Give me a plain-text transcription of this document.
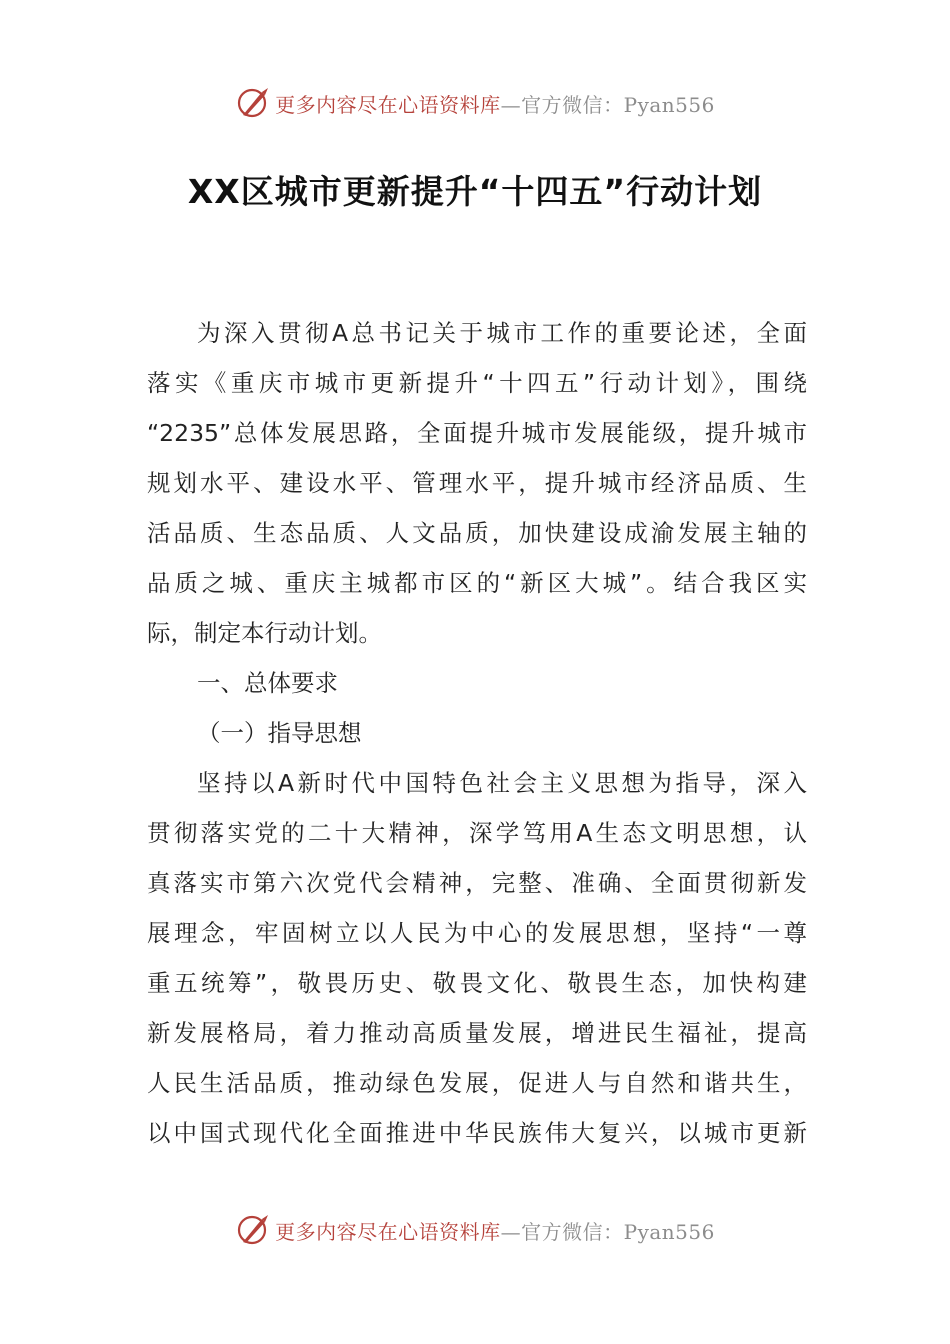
更多内容尽在心语资料库—官方微信：Pyan556
XX区城市更新提升“十四五”行动计划
为深入贯彻A总书记关于城市工作的重要论述，全面
落实《重庆市城市更新提升“十四五”行动计划》，围绕
“2235”总体发展思路，全面提升城市发展能级，提升城市
规划水平、建设水平、管理水平，提升城市经济品质、生
活品质、生态品质、人文品质，加快建设成渝发展主轴的
品质之城、重庆主城都市区的“新区大城”。结合我区实
际，制定本行动计划。
一、总体要求
（一）指导思想
坚持以A新时代中国特色社会主义思想为指导，深入
贯彻落实党的二十大精神，深学笃用A生态文明思想，认
真落实市第六次党代会精神，完整、准确、全面贯彻新发
展理念，牢固树立以人民为中心的发展思想，坚持“一尊
重五统筹”，敬畏历史、敬畏文化、敬畏生态，加快构建
新发展格局，着力推动高质量发展，增进民生福祉，提高
人民生活品质，推动绿色发展，促进人与自然和谐共生，
以中国式现代化全面推进中华民族伟大复兴，以城市更新
更多内容尽在心语资料库—官方微信：Pyan556
